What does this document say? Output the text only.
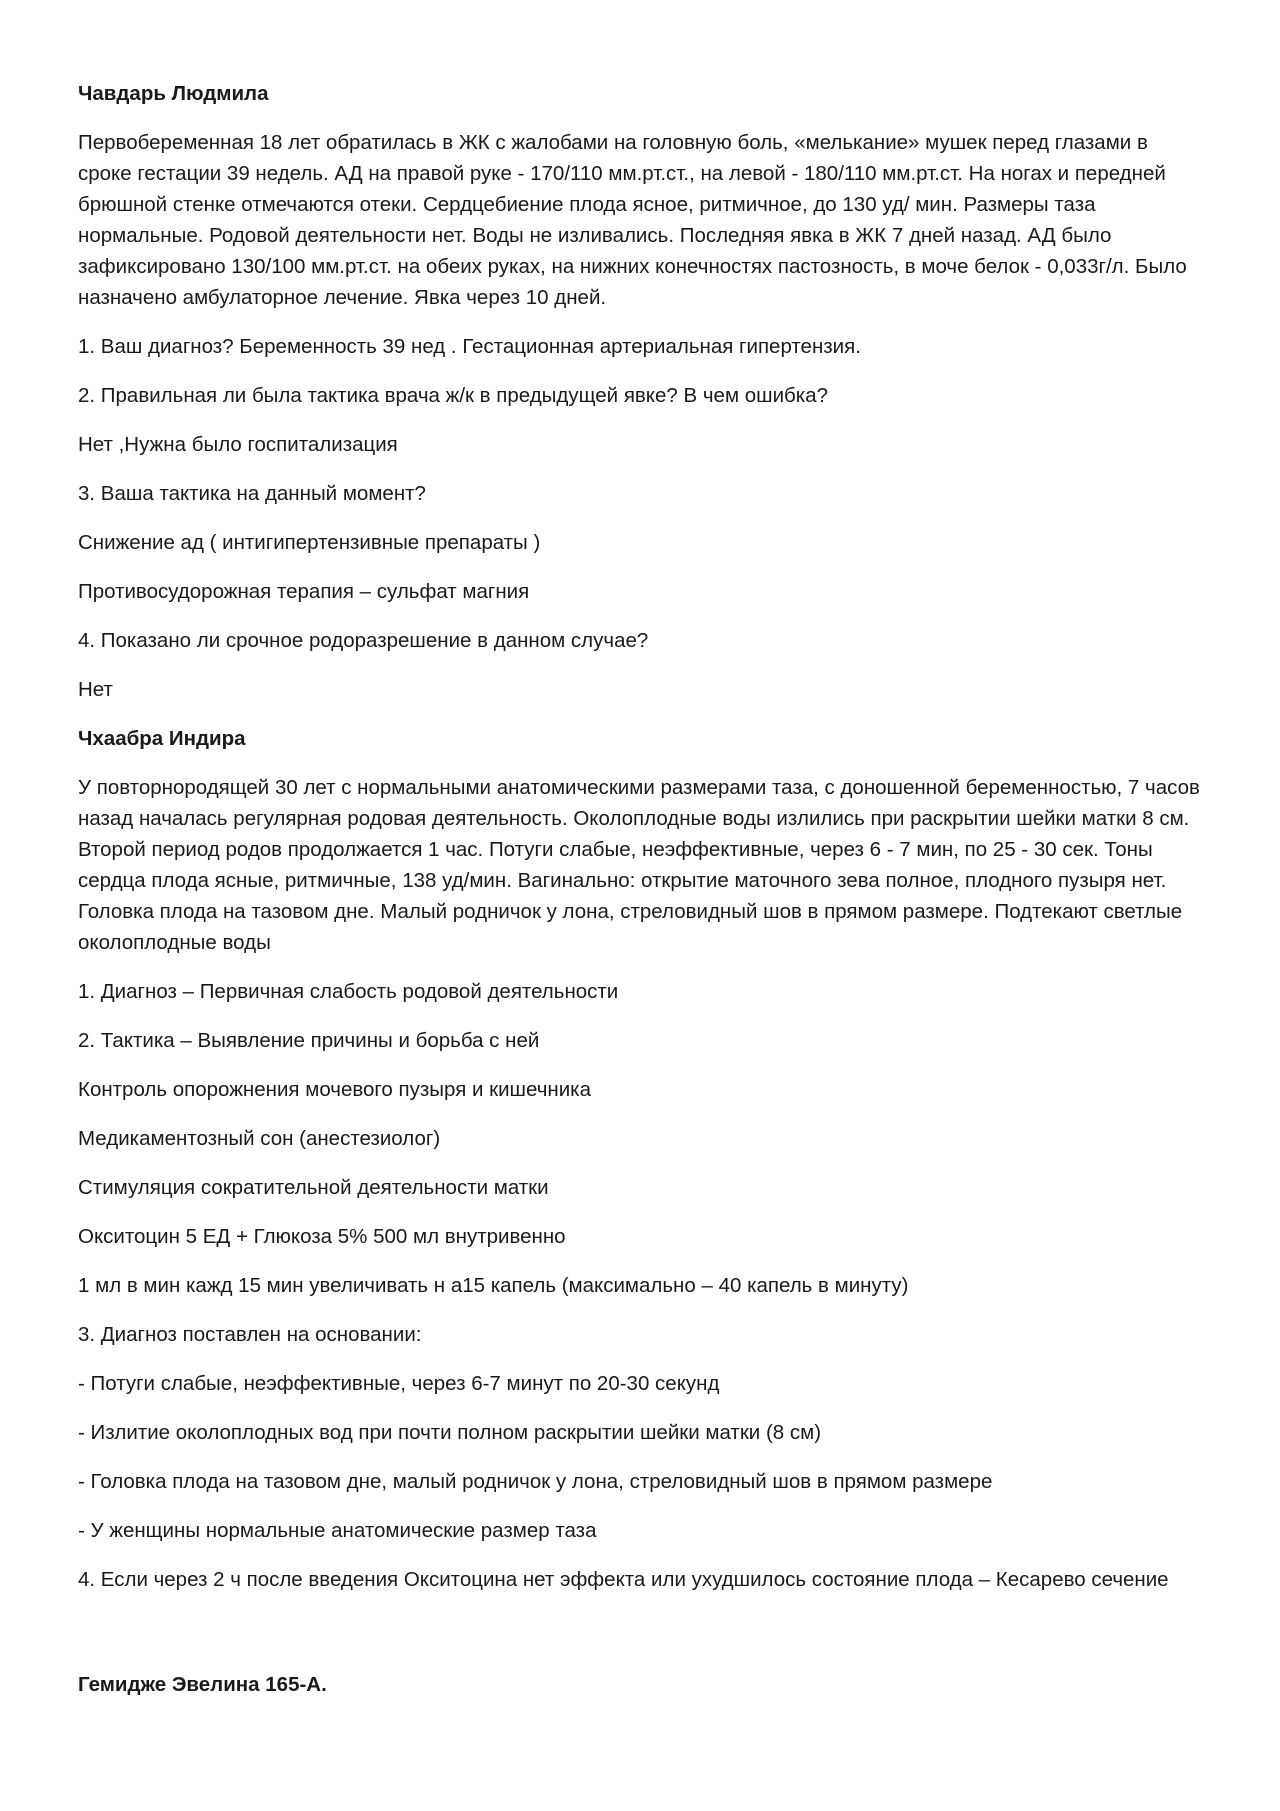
Чавдарь Людмила

Первобеременная 18 лет обратилась в ЖК с жалобами на головную боль, «мелькание» мушек перед глазами в сроке гестации 39 недель. АД на правой руке - 170/110 мм.рт.ст., на левой - 180/110 мм.рт.ст. На ногах и передней брюшной стенке отмечаются отеки. Сердцебиение плода ясное, ритмичное, до 130 уд/ мин. Размеры таза нормальные. Родовой деятельности нет. Воды не изливались. Последняя явка в ЖК 7 дней назад. АД было зафиксировано 130/100 мм.рт.ст. на обеих руках, на нижних конечностях пастозность, в моче белок - 0,033г/л. Было назначено амбулаторное лечение. Явка через 10 дней.

1. Ваш диагноз? Беременность 39 нед . Гестационная артериальная гипертензия.

2. Правильная ли была тактика врача ж/к в предыдущей явке? В чем ошибка?

Нет ,Нужна было госпитализация

3. Ваша тактика на данный момент?

Снижение ад ( интигипертензивные препараты )

Противосудорожная терапия – сульфат магния

4. Показано ли срочное родоразрешение в данном случае?

Нет

Чхаабра Индира

У повторнородящей 30 лет с нормальными анатомическими размерами таза, с доношенной беременностью, 7 часов назад началась регулярная родовая деятельность. Околоплодные воды излились при раскрытии шейки матки 8 см. Второй период родов продолжается 1 час. Потуги слабые, неэффективные, через 6 - 7 мин, по 25 - 30 сек. Тоны сердца плода ясные, ритмичные, 138 уд/мин. Вагинально: открытие маточного зева полное, плодного пузыря нет. Головка плода на тазовом дне. Малый родничок у лона, стреловидный шов в прямом размере. Подтекают светлые околоплодные воды

1. Диагноз – Первичная слабость родовой деятельности

2. Тактика – Выявление причины и борьба с ней

Контроль опорожнения мочевого пузыря и кишечника

Медикаментозный сон (анестезиолог)

Стимуляция сократительной деятельности матки

Окситоцин 5 ЕД + Глюкоза 5% 500 мл внутривенно

1 мл в мин кажд 15 мин увеличивать н а15 капель (максимально – 40 капель в минуту)

3. Диагноз поставлен на основании:

- Потуги слабые, неэффективные, через 6-7 минут по 20-30 секунд

- Излитие околоплодных вод при почти полном раскрытии шейки матки (8 см)

- Головка плода на тазовом дне, малый родничок у лона, стреловидный шов в прямом размере

- У женщины нормальные анатомические размер таза

4. Если через 2 ч после введения Окситоцина нет эффекта или ухудшилось состояние плода – Кесарево сечение

Гемидже Эвелина 165-А.
